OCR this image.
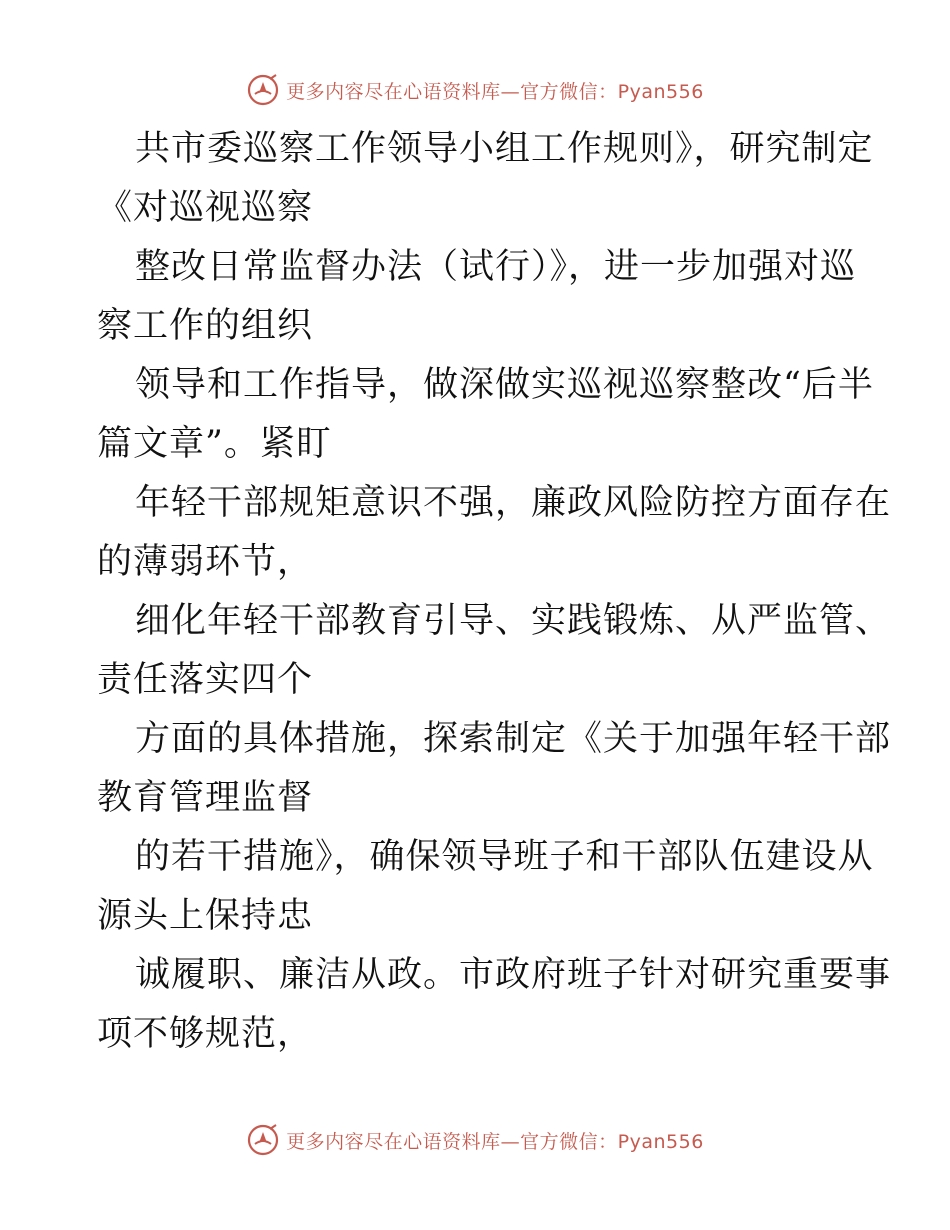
更多内容尽在心语资料库—官方微信：Pyan556
共市委巡察工作领导小组工作规则》，研究制定
《对巡视巡察
整改日常监督办法（试行）》，进一步加强对巡
察工作的组织
领导和工作指导，做深做实巡视巡察整改“后半
篇文章”。紧盯
年轻干部规矩意识不强，廉政风险防控方面存在
的薄弱环节，
细化年轻干部教育引导、实践锻炼、从严监管、
责任落实四个
方面的具体措施，探索制定《关于加强年轻干部
教育管理监督
的若干措施》，确保领导班子和干部队伍建设从
源头上保持忠
诚履职、廉洁从政。市政府班子针对研究重要事
项不够规范，
更多内容尽在心语资料库—官方微信：Pyan556
